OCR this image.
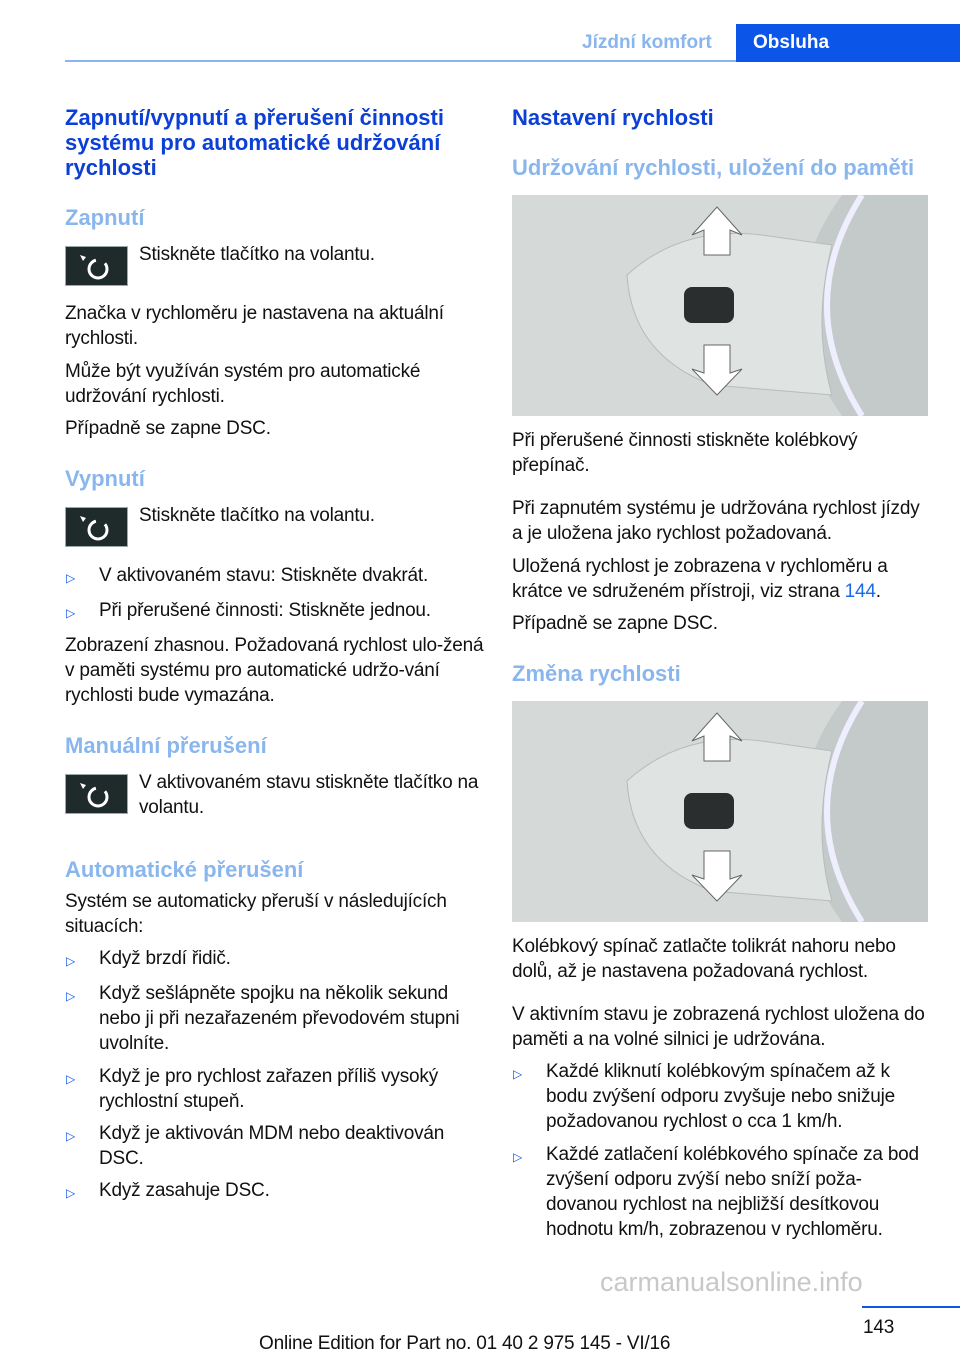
Jízdní komfort	Obsluha
Zapnutí/vypnutí a přerušení činnosti systému pro automatické udržování rychlosti
Zapnutí
Stiskněte tlačítko na volantu.
Značka v rychloměru je nastavena na aktuální rychlosti.
Může být využíván systém pro automatické udržování rychlosti.
Případně se zapne DSC.
Vypnutí
Stiskněte tlačítko na volantu.
▷	V aktivovaném stavu: Stiskněte dvakrát.
▷	Při přerušené činnosti: Stiskněte jednou.
Zobrazení zhasnou. Požadovaná rychlost ulo-žená v paměti systému pro automatické udržo-vání rychlosti bude vymazána.
Manuální přerušení
V aktivovaném stavu stiskněte tlačítko na volantu.
Automatické přerušení
Systém se automaticky přeruší v následujících situacích:
▷	Když brzdí řidič.
▷	Když sešlápněte spojku na několik sekund nebo ji při nezařazeném převodovém stupni uvolníte.
▷	Když je pro rychlost zařazen příliš vysoký rychlostní stupeň.
▷	Když je aktivován MDM nebo deaktivován DSC.
▷	Když zasahuje DSC.
Nastavení rychlosti
Udržování rychlosti, uložení do paměti
Při přerušené činnosti stiskněte kolébkový přepínač.
Při zapnutém systému je udržována rychlost jízdy a je uložena jako rychlost požadovaná.
Uložená rychlost je zobrazena v rychloměru a krátce ve sdruženém přístroji, viz strana 144.
Případně se zapne DSC.
Změna rychlosti
Kolébkový spínač zatlačte tolikrát nahoru nebo dolů, až je nastavena požadovaná rychlost.
V aktivním stavu je zobrazená rychlost uložena do paměti a na volné silnici je udržována.
▷	Každé kliknutí kolébkovým spínačem až k bodu zvýšení odporu zvyšuje nebo snižuje požadovanou rychlost o cca 1 km/h.
▷	Každé zatlačení kolébkového spínače za bod zvýšení odporu zvýší nebo sníží poža-dovanou rychlost na nejbližší desítkovou hodnotu km/h, zobrazenou v rychloměru.
143
Online Edition for Part no. 01 40 2 975 145 - VI/16
carmanualsonline.info
